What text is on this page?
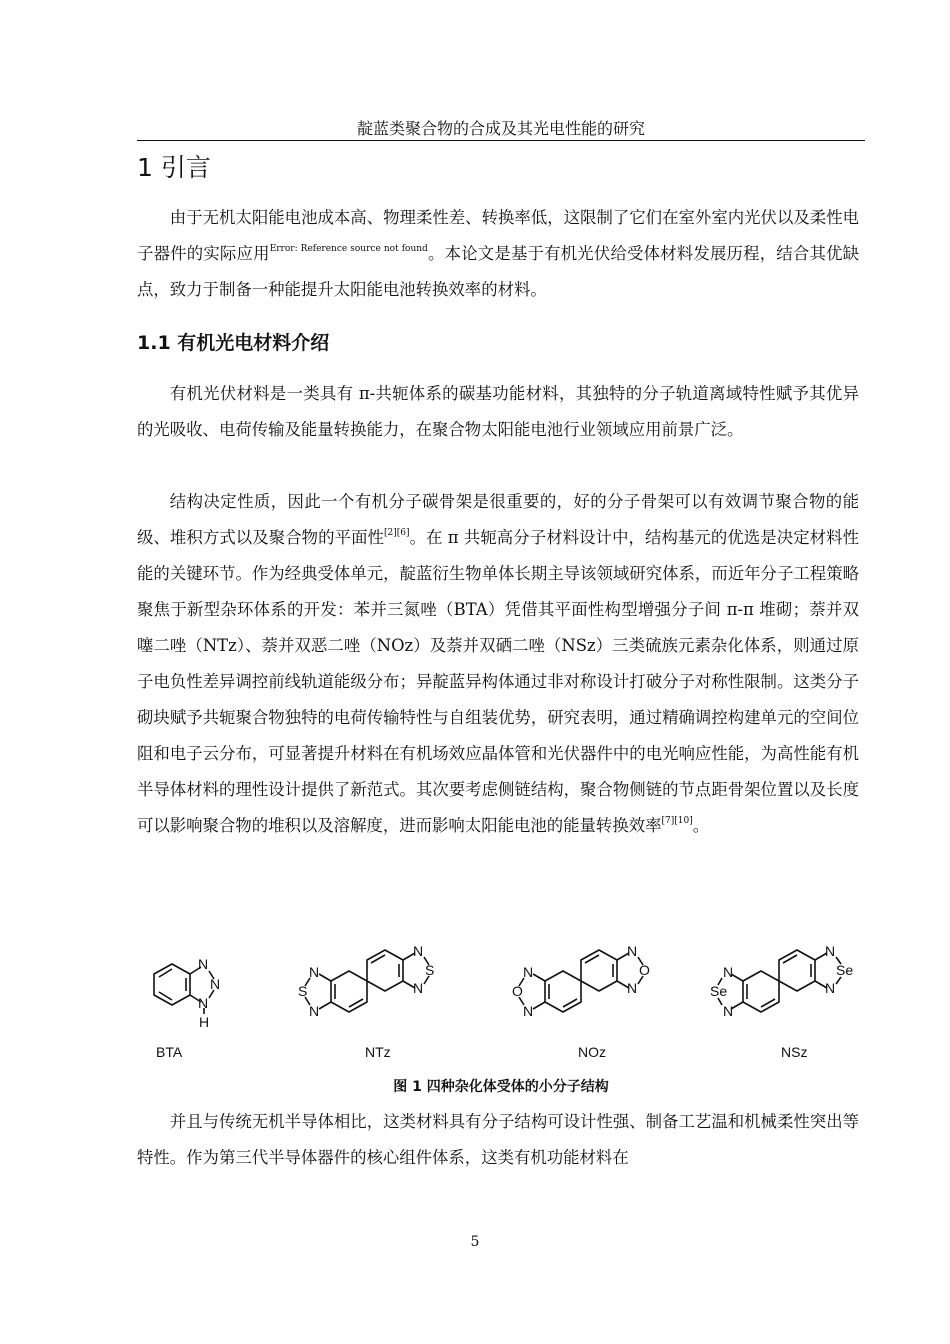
靛蓝类聚合物的合成及其光电性能的研究
1 引言

由于无机太阳能电池成本高、物理柔性差、转换率低，这限制了它们在室外室内光伏以及柔性电子器件的实际应用$^{Error: Reference source not found}$。本论文是基于有机光伏给受体材料发展历程，结合其优缺点，致力于制备一种能提升太阳能电池转换效率的材料。

1.1 有机光电材料介绍

有机光伏材料是一类具有 π-共轭体系的碳基功能材料，其独特的分子轨道离域特性赋予其优异的光吸收、电荷传输及能量转换能力，在聚合物太阳能电池行业领域应用前景广泛。

结构决定性质，因此一个有机分子碳骨架是很重要的，好的分子骨架可以有效调节聚合物的能级、堆积方式以及聚合物的平面性[2][6]。在 π 共轭高分子材料设计中，结构基元的优选是决定材料性能的关键环节。作为经典受体单元，靛蓝衍生物单体长期主导该领域研究体系，而近年分子工程策略聚焦于新型杂环体系的开发：苯并三氮唑（BTA）凭借其平面性构型增强分子间 π-π 堆砌；萘并双噻二唑（NTz）、萘并双恶二唑（NOz）及萘并双硒二唑（NSz）三类硫族元素杂化体系，则通过原子电负性差异调控前线轨道能级分布；异靛蓝异构体通过非对称设计打破分子对称性限制。这类分子砌块赋予共轭聚合物独特的电荷传输特性与自组装优势，研究表明，通过精确调控构建单元的空间位阻和电子云分布，可显著提升材料在有机场效应晶体管和光伏器件中的电光响应性能，为高性能有机半导体材料的理性设计提供了新范式。其次要考虑侧链结构，聚合物侧链的节点距骨架位置以及长度可以影响聚合物的堆积以及溶解度，进而影响太阳能电池的能量转换效率[7][10]。

N
N
N
H
BTA
N
S
N
N
S
N
NTz
N
O
N
N
O
N
NOz
N
Se
N
N
Se
N
NSz
图 1 四种杂化体受体的小分子结构

并且与传统无机半导体相比，这类材料具有分子结构可设计性强、制备工艺温和机械柔性突出等特性。作为第三代半导体器件的核心组件体系，这类有机功能材料在

5
